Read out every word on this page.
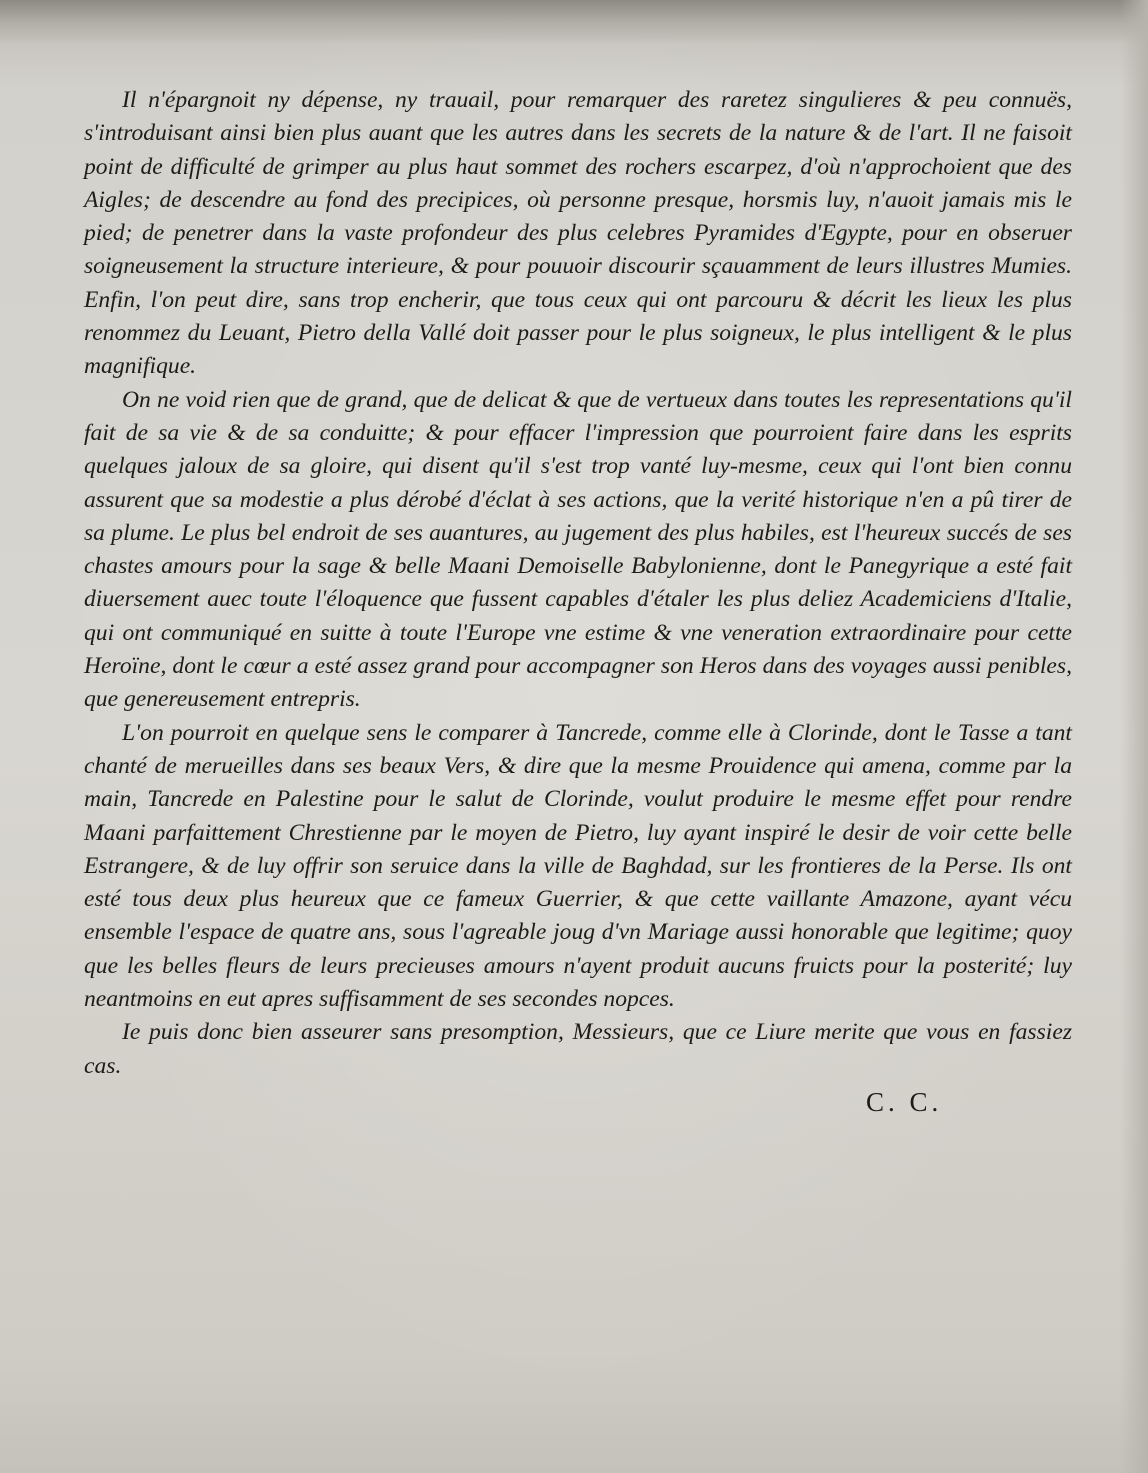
Il n'épargnoit ny dépense, ny trauail, pour remarquer des raretez singulieres & peu connuës, s'introduisant ainsi bien plus auant que les autres dans les secrets de la nature & de l'art. Il ne faisoit point de difficulté de grimper au plus haut sommet des rochers escarpez, d'où n'approchoient que des Aigles; de descendre au fond des precipices, où personne presque, horsmis luy, n'auoit jamais mis le pied; de penetrer dans la vaste profondeur des plus celebres Pyramides d'Egypte, pour en obseruer soigneusement la structure interieure, & pour pouuoir discourir sçauamment de leurs illustres Mumies. Enfin, l'on peut dire, sans trop encherir, que tous ceux qui ont parcouru & décrit les lieux les plus renommez du Leuant, Pietro della Vallé doit passer pour le plus soigneux, le plus intelligent & le plus magnifique.

On ne void rien que de grand, que de delicat & que de vertueux dans toutes les representations qu'il fait de sa vie & de sa conduitte; & pour effacer l'impression que pourroient faire dans les esprits quelques jaloux de sa gloire, qui disent qu'il s'est trop vanté luy-mesme, ceux qui l'ont bien connu assurent que sa modestie a plus dérobé d'éclat à ses actions, que la verité historique n'en a pû tirer de sa plume. Le plus bel endroit de ses auantures, au jugement des plus habiles, est l'heureux succés de ses chastes amours pour la sage & belle Maani Demoiselle Babylonienne, dont le Panegyrique a esté fait diuersement auec toute l'éloquence que fussent capables d'étaler les plus deliez Academiciens d'Italie, qui ont communiqué en suitte à toute l'Europe vne estime & vne veneration extraordinaire pour cette Heroïne, dont le cœur a esté assez grand pour accompagner son Heros dans des voyages aussi penibles, que genereusement entrepris.

L'on pourroit en quelque sens le comparer à Tancrede, comme elle à Clorinde, dont le Tasse a tant chanté de merueilles dans ses beaux Vers, & dire que la mesme Prouidence qui amena, comme par la main, Tancrede en Palestine pour le salut de Clorinde, voulut produire le mesme effet pour rendre Maani parfaittement Chrestienne par le moyen de Pietro, luy ayant inspiré le desir de voir cette belle Estrangere, & de luy offrir son seruice dans la ville de Baghdad, sur les frontieres de la Perse. Ils ont esté tous deux plus heureux que ce fameux Guerrier, & que cette vaillante Amazone, ayant vécu ensemble l'espace de quatre ans, sous l'agreable joug d'vn Mariage aussi honorable que legitime; quoy que les belles fleurs de leurs precieuses amours n'ayent produit aucuns fruicts pour la posterité; luy neantmoins en eut apres suffisamment de ses secondes nopces.

Ie puis donc bien asseurer sans presomption, Messieurs, que ce Liure merite que vous en fassiez cas.

C. C.
